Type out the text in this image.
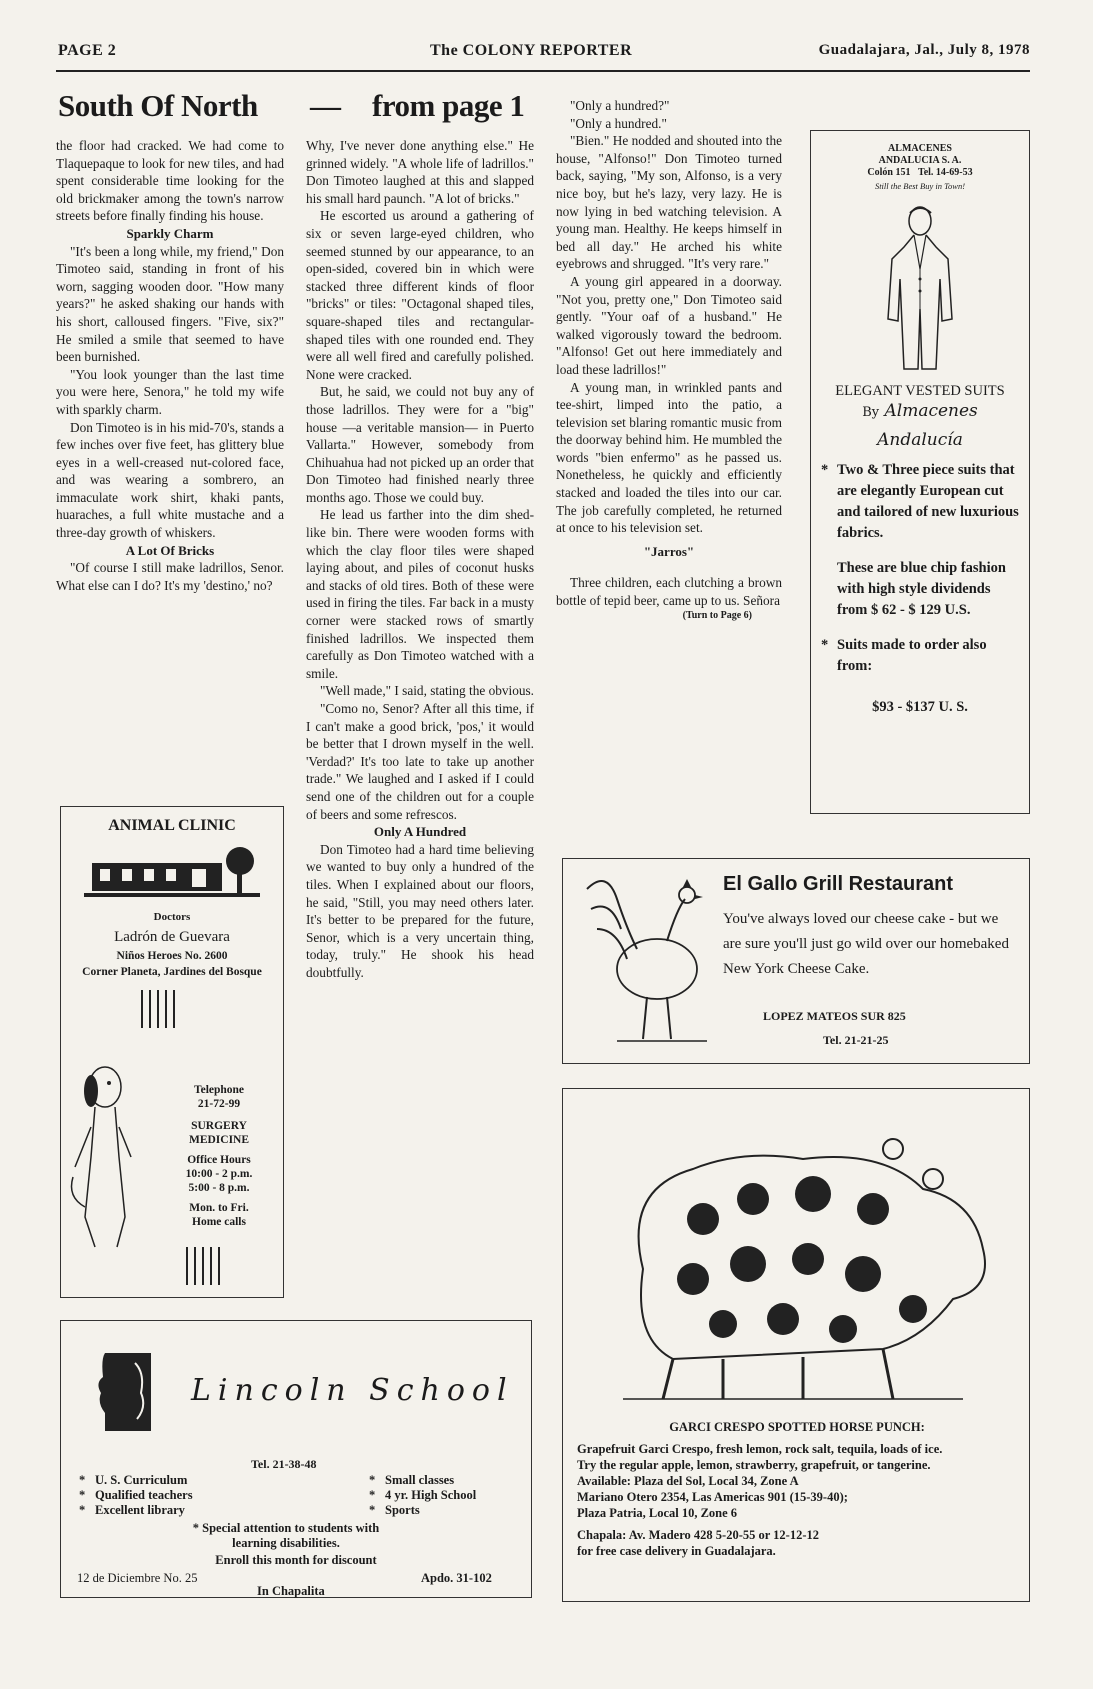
PAGE 2	The COLONY REPORTER	Guadalajara, Jal., July 8, 1978
South Of North — from page 1

the floor had cracked. We had come to Tlaquepaque to look for new tiles, and had spent considerable time looking for the old brickmaker among the town's narrow streets before finally finding his house.

Sparkly Charm

"It's been a long while, my friend," Don Timoteo said, standing in front of his worn, sagging wooden door. "How many years?" he asked shaking our hands with his short, calloused fingers. "Five, six?" He smiled a smile that seemed to have been burnished.

"You look younger than the last time you were here, Senora," he told my wife with sparkly charm.

Don Timoteo is in his mid-70's, stands a few inches over five feet, has glittery blue eyes in a well-creased nut-colored face, and was wearing a sombrero, an immaculate work shirt, khaki pants, huaraches, a full white mustache and a three-day growth of whiskers.

A Lot Of Bricks

"Of course I still make ladrillos, Senor. What else can I do? It's my 'destino,' no?

Why, I've never done anything else." He grinned widely. "A whole life of ladrillos." Don Timoteo laughed at this and slapped his small hard paunch. "A lot of bricks."

He escorted us around a gathering of six or seven large-eyed children, who seemed stunned by our appearance, to an open-sided, covered bin in which were stacked three different kinds of floor "bricks" or tiles: "Octagonal shaped tiles, square-shaped tiles and rectangular-shaped tiles with one rounded end. They were all well fired and carefully polished. None were cracked.

But, he said, we could not buy any of those ladrillos. They were for a "big" house —a veritable mansion— in Puerto Vallarta." However, somebody from Chihuahua had not picked up an order that Don Timoteo had finished nearly three months ago. Those we could buy.

He lead us farther into the dim shed-like bin. There were wooden forms with which the clay floor tiles were shaped laying about, and piles of coconut husks and stacks of old tires. Both of these were used in firing the tiles. Far back in a musty corner were stacked rows of smartly finished ladrillos. We inspected them carefully as Don Timoteo watched with a smile.

"Well made," I said, stating the obvious.

"Como no, Senor? After all this time, if I can't make a good brick, 'pos,' it would be better that I drown myself in the well. 'Verdad?' It's too late to take up another trade." We laughed and I asked if I could send one of the children out for a couple of beers and some refrescos.

Only A Hundred

Don Timoteo had a hard time believing we wanted to buy only a hundred of the tiles. When I explained about our floors, he said, "Still, you may need others later. It's better to be prepared for the future, Senor, which is a very uncertain thing, today, truly." He shook his head doubtfully.

"Only a hundred?"

"Only a hundred."

"Bien." He nodded and shouted into the house, "Alfonso!" Don Timoteo turned back, saying, "My son, Alfonso, is a very nice boy, but he's lazy, very lazy. He is now lying in bed watching television. A young man. Healthy. He keeps himself in bed all day." He arched his white eyebrows and shrugged. "It's very rare."

A young girl appeared in a doorway. "Not you, pretty one," Don Timoteo said gently. "Your oaf of a husband." He walked vigorously toward the bedroom. "Alfonso! Get out here immediately and load these ladrillos!"

A young man, in wrinkled pants and tee-shirt, limped into the patio, a television set blaring romantic music from the doorway behind him. He mumbled the words "bien enfermo" as he passed us. Nonetheless, he quickly and efficiently stacked and loaded the tiles into our car. The job carefully completed, he returned at once to his television set.

"Jarros"

Three children, each clutching a brown bottle of tepid beer, came up to us. Señora

(Turn to Page 6)
ALMACENES
ANDALUCIA S. A.
Colón 151 Tel. 14-69-53
Still the Best Buy in Town!
ELEGANT VESTED SUITS
By Almacenes
Andalucía
* Two & Three piece suits that are elegantly European cut and tailored of new luxurious fabrics.
These are blue chip fashion with high style dividends from $ 62 - $ 129 U.S.
* Suits made to order also from:
$93 - $137 U. S.
ANIMAL CLINIC
Doctors
Ladrón de Guevara
Niños Heroes No. 2600
Corner Planeta, Jardines del Bosque
Telephone
21-72-99
SURGERY
MEDICINE
Office Hours
10:00 - 2 p.m.
5:00 - 8 p.m.
Mon. to Fri.
Home calls
El Gallo Grill Restaurant
You've always loved our cheese cake - but we are sure you'll just go wild over our homebaked New York Cheese Cake.
LOPEZ MATEOS SUR 825
Tel. 21-21-25
GARCI CRESPO SPOTTED HORSE PUNCH:
Grapefruit Garci Crespo, fresh lemon, rock salt, tequila, loads of ice.
Try the regular apple, lemon, strawberry, grapefruit, or tangerine.
Available: Plaza del Sol, Local 34, Zone A
Mariano Otero 2354, Las Americas 901 (15-39-40);
Plaza Patria, Local 10, Zone 6
Chapala: Av. Madero 428 5-20-55 or 12-12-12
for free case delivery in Guadalajara.
Lincoln School
Tel. 21-38-48
* U. S. Curriculum
* Qualified teachers
* Excellent library
* Small classes
* 4 yr. High School
* Sports
* Special attention to students with learning disabilities.
Enroll this month for discount
12 de Diciembre No. 25
In Chapalita
Apdo. 31-102
